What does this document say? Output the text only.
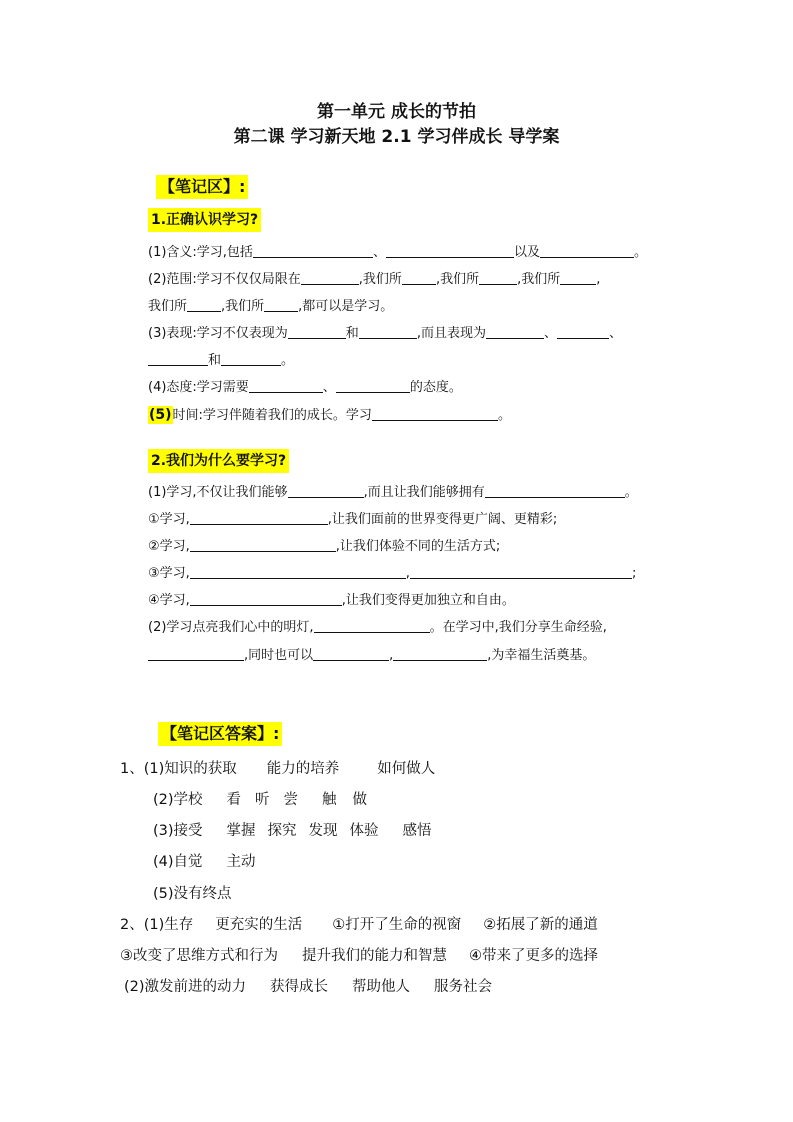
第一单元 成长的节拍
第二课 学习新天地 2.1 学习伴成长 导学案
【笔记区】:
1.正确认识学习?
(1)含义:学习,包括	、	以及	。
(2)范围:学习不仅仅局限在	,我们所	,我们所	,我们所	,
我们所	,我们所	,都可以是学习。
(3)表现:学习不仅表现为	和	,而且表现为	、	、
和	。
(4)态度:学习需要	、	的态度。
(5)时间:学习伴随着我们的成长。学习	。
2.我们为什么要学习?
(1)学习,不仅让我们能够	,而且让我们能够拥有	。
①学习,	,让我们面前的世界变得更广阔、更精彩;
②学习,	,让我们体验不同的生活方式;
③学习,	,	;
④学习,	,让我们变得更加独立和自由。
(2)学习点亮我们心中的明灯,	。在学习中,我们分享生命经验,
,同时也可以	,	,为幸福生活奠基。
【笔记区答案】:
1、(1)知识的获取 能力的培养	如何做人
(2)学校 看 听 尝 触 做
(3)接受 掌握 探究 发现 体验 感悟
(4)自觉 主动
(5)没有终点
2、(1)生存 更充实的生活 ①打开了生命的视窗 ②拓展了新的通道
③改变了思维方式和行为 提升我们的能力和智慧 ④带来了更多的选择
(2)激发前进的动力 获得成长 帮助他人 服务社会
